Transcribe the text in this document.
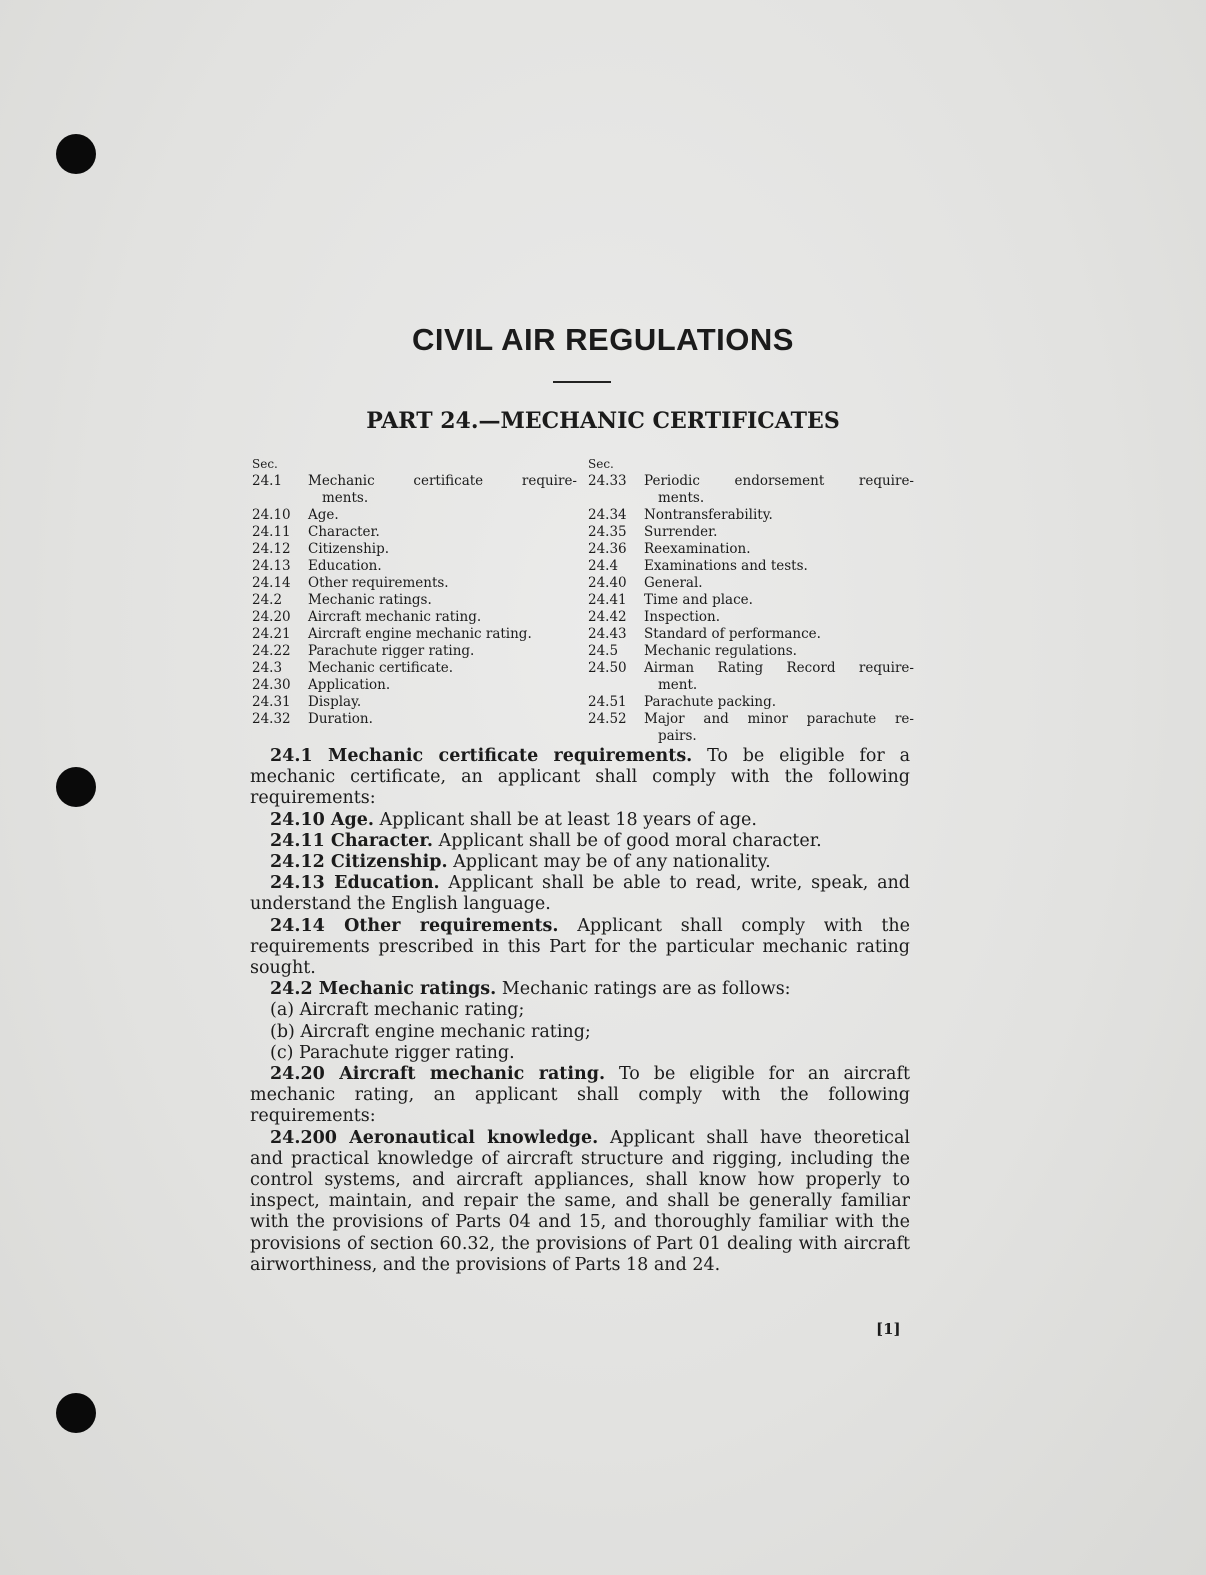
CIVIL AIR REGULATIONS
PART 24.—MECHANIC CERTIFICATES
Sec.
24.1	Mechanic certificate require-
ments.
24.10	Age.
24.11	Character.
24.12	Citizenship.
24.13	Education.
24.14	Other requirements.
24.2	Mechanic ratings.
24.20	Aircraft mechanic rating.
24.21	Aircraft engine mechanic rating.
24.22	Parachute rigger rating.
24.3	Mechanic certificate.
24.30	Application.
24.31	Display.
24.32	Duration.
Sec.
24.33	Periodic endorsement require-
ments.
24.34	Nontransferability.
24.35	Surrender.
24.36	Reexamination.
24.4	Examinations and tests.
24.40	General.
24.41	Time and place.
24.42	Inspection.
24.43	Standard of performance.
24.5	Mechanic regulations.
24.50	Airman Rating Record require-
ment.
24.51	Parachute packing.
24.52	Major and minor parachute re-
pairs.

24.1 Mechanic certificate requirements. To be eligible for a mechanic certificate, an applicant shall comply with the following requirements:

24.10 Age. Applicant shall be at least 18 years of age.

24.11 Character. Applicant shall be of good moral character.

24.12 Citizenship. Applicant may be of any nationality.

24.13 Education. Applicant shall be able to read, write, speak, and understand the English language.

24.14 Other requirements. Applicant shall comply with the requirements prescribed in this Part for the particular mechanic rating sought.

24.2 Mechanic ratings. Mechanic ratings are as follows:

(a) Aircraft mechanic rating;

(b) Aircraft engine mechanic rating;

(c) Parachute rigger rating.

24.20 Aircraft mechanic rating. To be eligible for an aircraft mechanic rating, an applicant shall comply with the following requirements:

24.200 Aeronautical knowledge. Applicant shall have theoretical and practical knowledge of aircraft structure and rigging, including the control systems, and aircraft appliances, shall know how properly to inspect, maintain, and repair the same, and shall be generally familiar with the provisions of Parts 04 and 15, and thoroughly familiar with the provisions of section 60.32, the provisions of Part 01 dealing with aircraft airworthiness, and the provisions of Parts 18 and 24.

[1]
